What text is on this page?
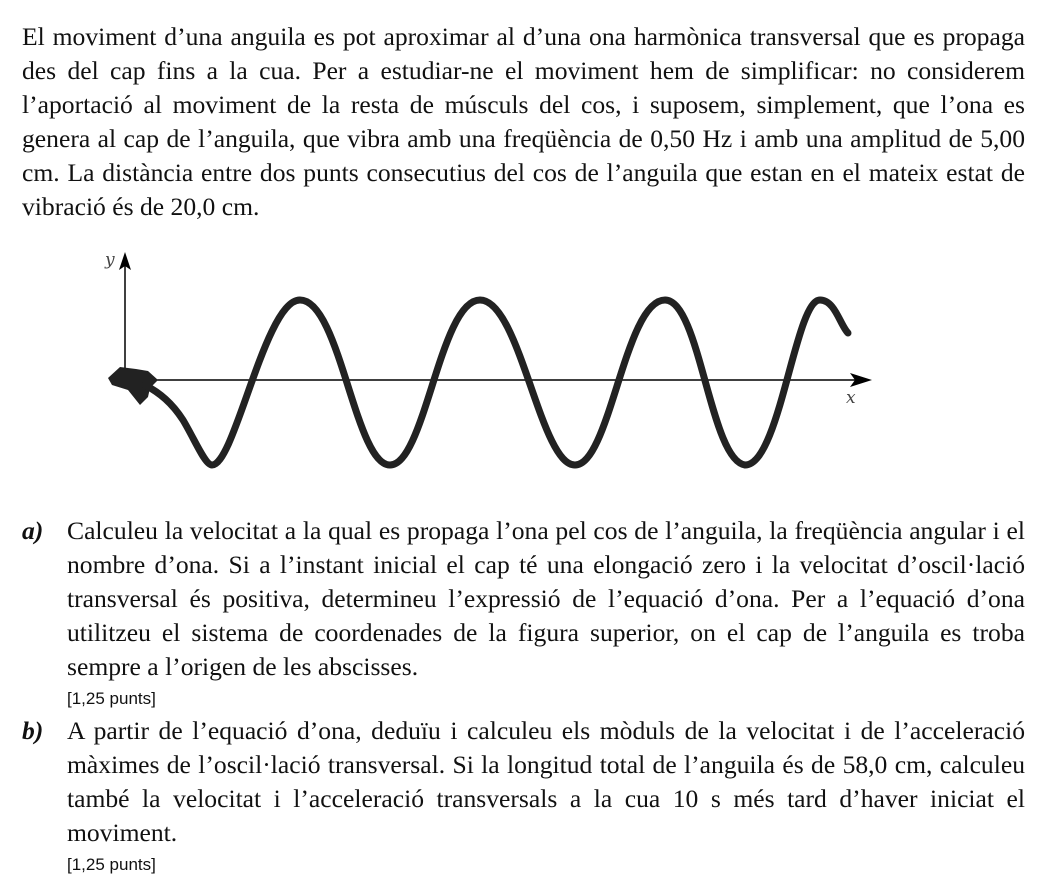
El moviment d’una anguila es pot aproximar al d’una ona harmònica transversal que es propaga des del cap fins a la cua. Per a estudiar-ne el moviment hem de simplificar: no considerem l’aportació al moviment de la resta de músculs del cos, i suposem, simplement, que l’ona es genera al cap de l’anguila, que vibra amb una freqüència de 0,50 Hz i amb una amplitud de 5,00 cm. La distància entre dos punts consecutius del cos de l’anguila que estan en el mateix estat de vibració és de 20,0 cm.

y
x
a) Calculeu la velocitat a la qual es propaga l’ona pel cos de l’anguila, la freqüència angular i el nombre d’ona. Si a l’instant inicial el cap té una elongació zero i la velocitat d’oscil·lació transversal és positiva, determineu l’expressió de l’equació d’ona. Per a l’equació d’ona utilitzeu el sistema de coordenades de la figura superior, on el cap de l’anguila es troba sempre a l’origen de les abscisses.

[1,25 punts]

b) A partir de l’equació d’ona, deduïu i calculeu els mòduls de la velocitat i de l’acceleració màximes de l’oscil·lació transversal. Si la longitud total de l’anguila és de 58,0 cm, calculeu també la velocitat i l’acceleració transversals a la cua 10 s més tard d’haver iniciat el moviment.

[1,25 punts]
